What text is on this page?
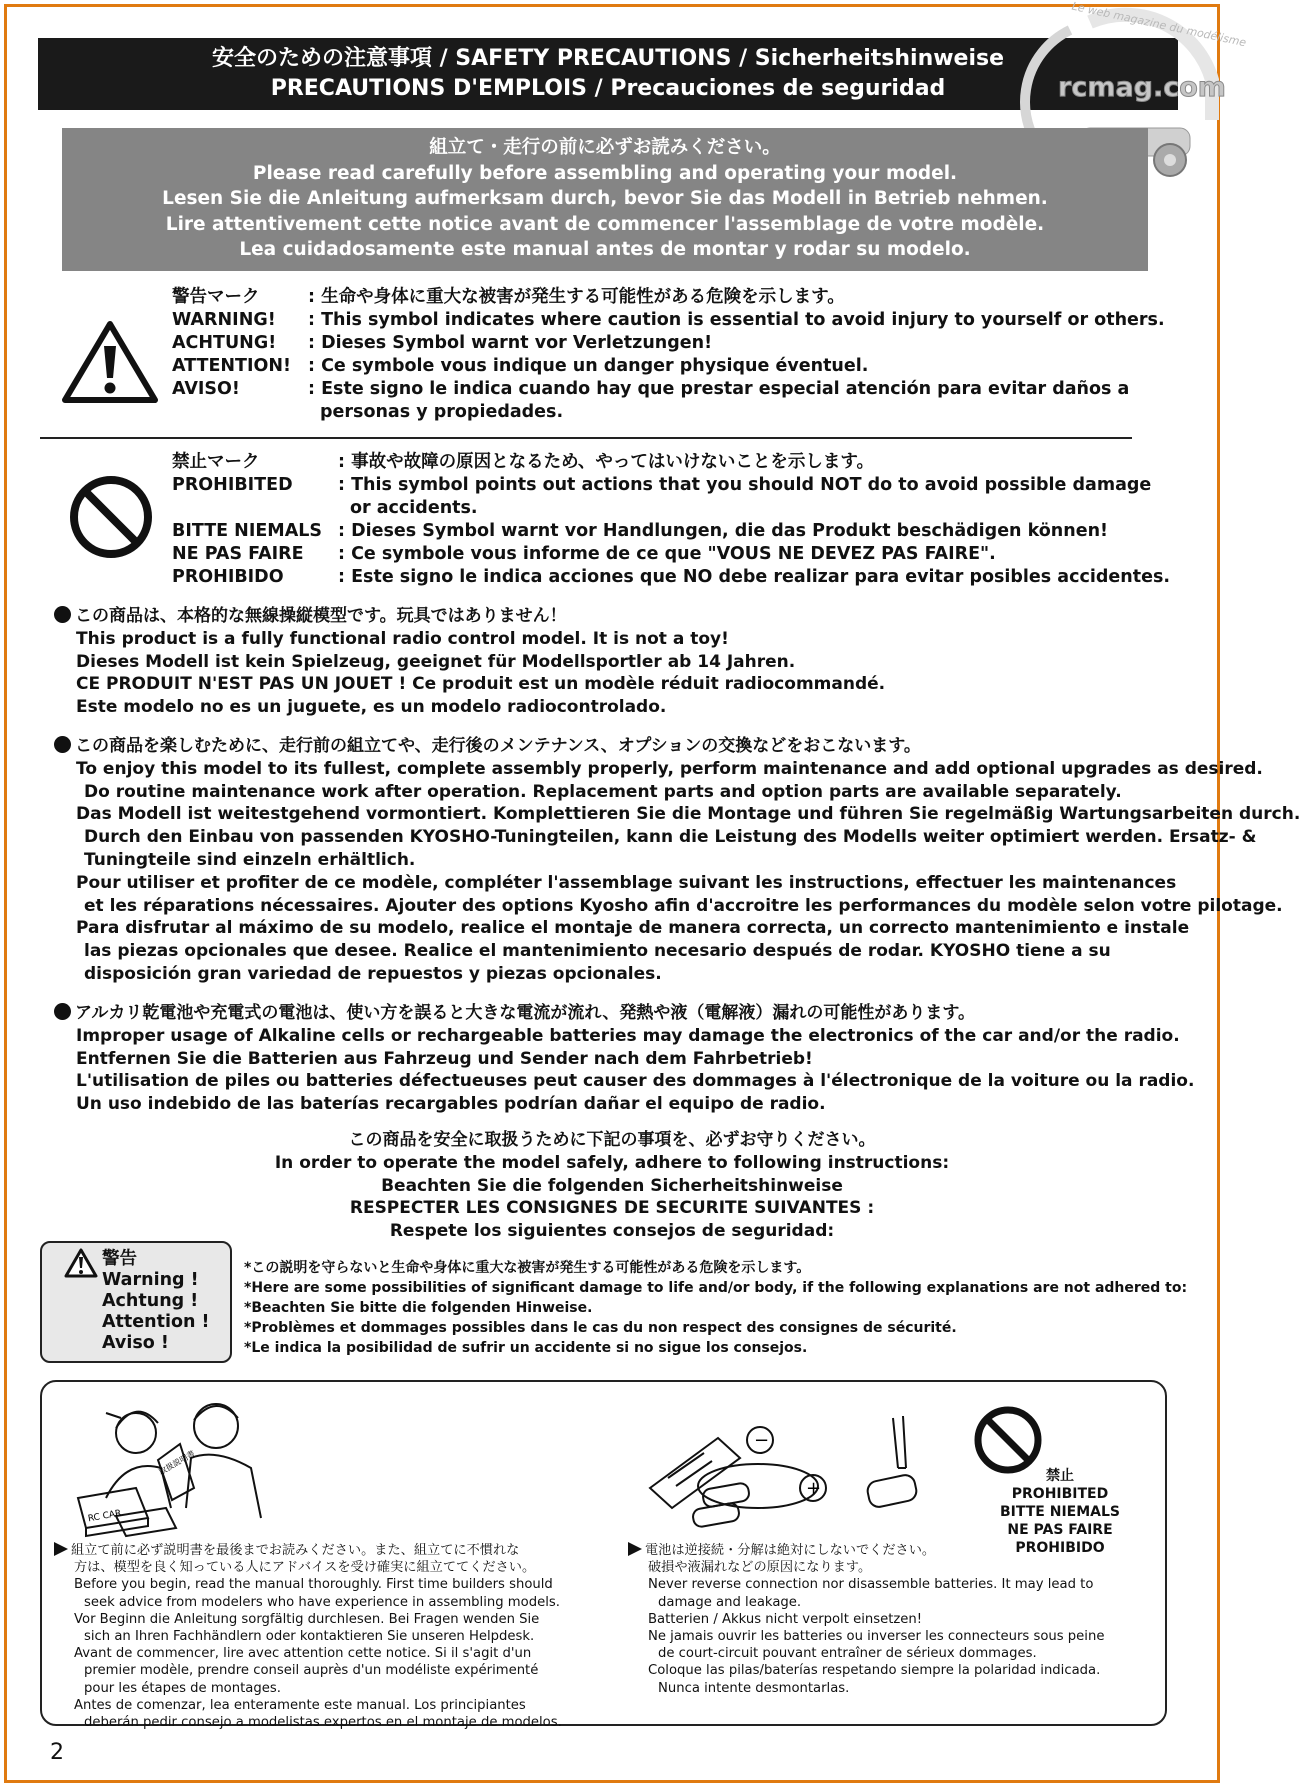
安全のための注意事項 / SAFETY PRECAUTIONS / Sicherheitshinweise
PRECAUTIONS D'EMPLOIS / Precauciones de seguridad
Le web magazine du modélisme
rcmag.com
組立て・走行の前に必ずお読みください。
Please read carefully before assembling and operating your model.
Lesen Sie die Anleitung aufmerksam durch, bevor Sie das Modell in Betrieb nehmen.
Lire attentivement cette notice avant de commencer l'assemblage de votre modèle.
Lea cuidadosamente este manual antes de montar y rodar su modelo.
警告マーク
WARNING!
ACHTUNG!
ATTENTION!
AVISO!
: 生命や身体に重大な被害が発生する可能性がある危険を示します。
: This symbol indicates where caution is essential to avoid injury to yourself or others.
: Dieses Symbol warnt vor Verletzungen!
: Ce symbole vous indique un danger physique éventuel.
: Este signo le indica cuando hay que prestar especial atención para evitar daños a
personas y propiedades.
禁止マーク
PROHIBITED
BITTE NIEMALS
NE PAS FAIRE
PROHIBIDO
: 事故や故障の原因となるため、やってはいけないことを示します。
: This symbol points out actions that you should NOT do to avoid possible damage
or accidents.
: Dieses Symbol warnt vor Handlungen, die das Produkt beschädigen können!
: Ce symbole vous informe de ce que "VOUS NE DEVEZ PAS FAIRE".
: Este signo le indica acciones que NO debe realizar para evitar posibles accidentes.
この商品は、本格的な無線操縦模型です。玩具ではありません！
This product is a fully functional radio control model. It is not a toy!
Dieses Modell ist kein Spielzeug, geeignet für Modellsportler ab 14 Jahren.
CE PRODUIT N'EST PAS UN JOUET ! Ce produit est un modèle réduit radiocommandé.
Este modelo no es un juguete, es un modelo radiocontrolado.
この商品を楽しむために、走行前の組立てや、走行後のメンテナンス、オプションの交換などをおこないます。
To enjoy this model to its fullest, complete assembly properly, perform maintenance and add optional upgrades as desired.
Do routine maintenance work after operation. Replacement parts and option parts are available separately.
Das Modell ist weitestgehend vormontiert. Komplettieren Sie die Montage und führen Sie regelmäßig Wartungsarbeiten durch.
Durch den Einbau von passenden KYOSHO-Tuningteilen, kann die Leistung des Modells weiter optimiert werden. Ersatz- &
Tuningteile sind einzeln erhältlich.
Pour utiliser et profiter de ce modèle, compléter l'assemblage suivant les instructions, effectuer les maintenances
et les réparations nécessaires. Ajouter des options Kyosho afin d'accroitre les performances du modèle selon votre pilotage.
Para disfrutar al máximo de su modelo, realice el montaje de manera correcta, un correcto mantenimiento e instale
las piezas opcionales que desee. Realice el mantenimiento necesario después de rodar. KYOSHO tiene a su
disposición gran variedad de repuestos y piezas opcionales.
アルカリ乾電池や充電式の電池は、使い方を誤ると大きな電流が流れ、発熱や液（電解液）漏れの可能性があります。
Improper usage of Alkaline cells or rechargeable batteries may damage the electronics of the car and/or the radio.
Entfernen Sie die Batterien aus Fahrzeug und Sender nach dem Fahrbetrieb!
L'utilisation de piles ou batteries défectueuses peut causer des dommages à l'électronique de la voiture ou la radio.
Un uso indebido de las baterías recargables podrían dañar el equipo de radio.
この商品を安全に取扱うために下記の事項を、必ずお守りください。
In order to operate the model safely, adhere to following instructions:
Beachten Sie die folgenden Sicherheitshinweise
RESPECTER LES CONSIGNES DE SECURITE SUIVANTES :
Respete los siguientes consejos de seguridad:
警告
Warning !
Achtung !
Attention !
Aviso !
*この説明を守らないと生命や身体に重大な被害が発生する可能性がある危険を示します。
*Here are some possibilities of significant damage to life and/or body, if the following explanations are not adhered to:
*Beachten Sie bitte die folgenden Hinweise.
*Problèmes et dommages possibles dans le cas du non respect des consignes de sécurité.
*Le indica la posibilidad de sufrir un accidente si no sigue los consejos.
取扱説明書
RC CAR
−
+
禁止
PROHIBITED
BITTE NIEMALS
NE PAS FAIRE
PROHIBIDO
組立て前に必ず説明書を最後までお読みください。また、組立てに不慣れな
方は、模型を良く知っている人にアドバイスを受け確実に組立ててください。
Before you begin, read the manual thoroughly. First time builders should
seek advice from modelers who have experience in assembling models.
Vor Beginn die Anleitung sorgfältig durchlesen. Bei Fragen wenden Sie
sich an Ihren Fachhändlern oder kontaktieren Sie unseren Helpdesk.
Avant de commencer, lire avec attention cette notice. Si il s'agit d'un
premier modèle, prendre conseil auprès d'un modéliste expérimenté
pour les étapes de montages.
Antes de comenzar, lea enteramente este manual. Los principiantes
deberán pedir consejo a modelistas expertos en el montaje de modelos.
電池は逆接続・分解は絶対にしないでください。
破損や液漏れなどの原因になります。
Never reverse connection nor disassemble batteries. It may lead to
damage and leakage.
Batterien / Akkus nicht verpolt einsetzen!
Ne jamais ouvrir les batteries ou inverser les connecteurs sous peine
de court-circuit pouvant entraîner de sérieux dommages.
Coloque las pilas/baterías respetando siempre la polaridad indicada.
Nunca intente desmontarlas.
2
